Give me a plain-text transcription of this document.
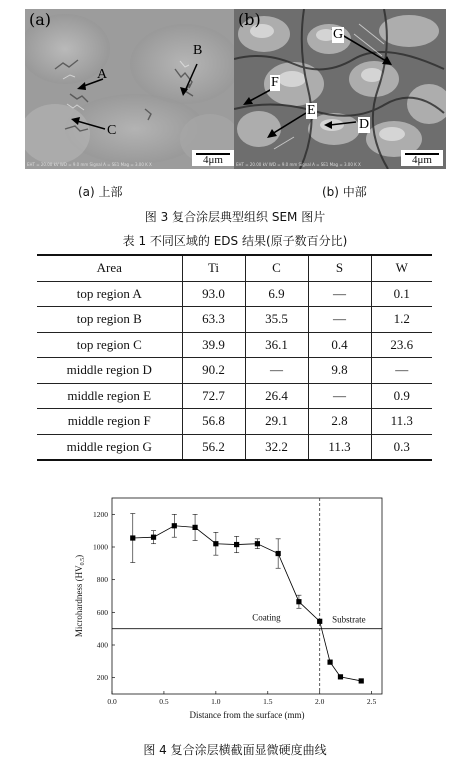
(a)
A
B
C
EHT = 20.00 kV WD = 9.0 mm Signal A = SE1 Mag = 3.00 K X	4μm
(b)
G
F
E
D
EHT = 20.00 kV WD = 9.0 mm Signal A = SE1 Mag = 3.00 K X	4μm
(a) 上部	(b) 中部
图 3 复合涂层典型组织 SEM 图片
表 1 不同区域的 EDS 结果(原子数百分比)
Area	Ti	C	S	W
top region A	93.0	6.9	—	0.1
top region B	63.3	35.5	—	1.2
top region C	39.9	36.1	0.4	23.6
middle region D	90.2	—	9.8	—
middle region E	72.7	26.4	—	0.9
middle region F	56.8	29.1	2.8	11.3
middle region G	56.2	32.2	11.3	0.3
200
400
600
800
1000
1200
0.0	0.5	1.0	1.5	2.0	2.5
Coating	Substrate
Distance from the surface (mm)
Microhardness $(HV_{0.5})$
图 4 复合涂层横截面显微硬度曲线
